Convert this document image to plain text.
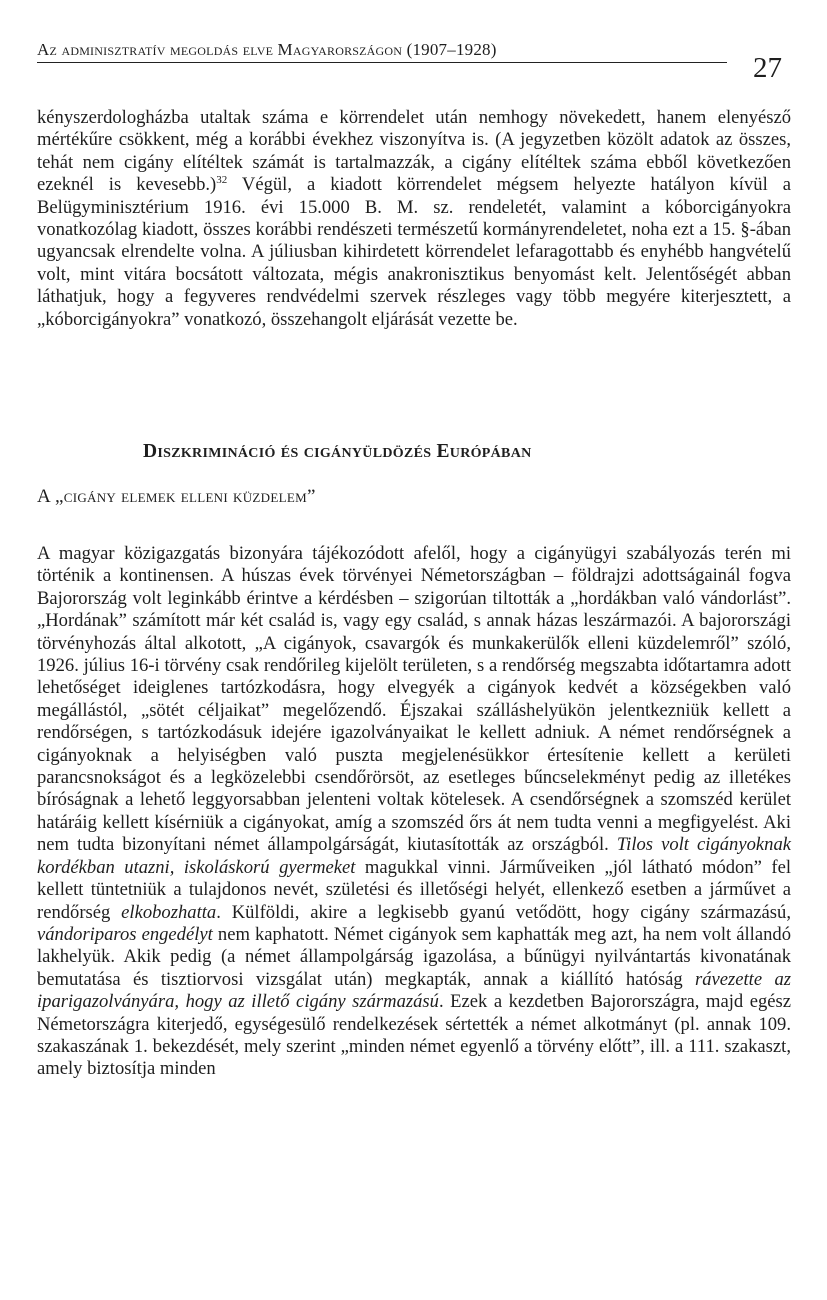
Az adminisztratív megoldás elve Magyarországon (1907–1928)
27

kényszerdologházba utaltak száma e körrendelet után nemhogy növekedett, hanem elenyésző mértékűre csökkent, még a korábbi évekhez viszonyítva is. (A jegyzetben közölt adatok az összes, tehát nem cigány elítéltek számát is tartalmazzák, a cigány elítéltek száma ebből következően ezeknél is kevesebb.)$^{32}$ Végül, a kiadott körrendelet mégsem helyezte hatályon kívül a Belügyminisztérium 1916. évi 15.000 B. M. sz. rendeletét, valamint a kóborcigányokra vonatkozólag kiadott, összes korábbi rendészeti természetű kormányrendeletet, noha ezt a 15. §-ában ugyancsak elrendelte volna. A júliusban kihirdetett körrendelet lefaragottabb és enyhébb hangvételű volt, mint vitára bocsátott változata, mégis anakronisztikus benyomást kelt. Jelentőségét abban láthatjuk, hogy a fegyveres rendvédelmi szervek részleges vagy több megyére kiterjesztett, a „kóborcigányokra” vonatkozó, összehangolt eljárását vezette be.

Diszkrimináció és cigányüldözés Európában
A „cigány elemek elleni küzdelem”

A magyar közigazgatás bizonyára tájékozódott afelől, hogy a cigányügyi szabályozás terén mi történik a kontinensen. A húszas évek törvényei Németországban – földrajzi adottságainál fogva Bajorország volt leginkább érintve a kérdésben – szigorúan tiltották a „hordákban való vándorlást”. „Hordának” számított már két család is, vagy egy család, s annak házas leszármazói. A bajorországi törvényhozás által alkotott, „A cigányok, csavargók és munkakerülők elleni küzdelemről” szóló, 1926. július 16-i törvény csak rendőrileg kijelölt területen, s a rendőrség megszabta időtartamra adott lehetőséget ideiglenes tartózkodásra, hogy elvegyék a cigányok kedvét a községekben való megállástól, „sötét céljaikat” megelőzendő. Éjszakai szálláshelyükön jelentkezniük kellett a rendőrségen, s tartózkodásuk idejére igazolványaikat le kellett adniuk. A német rendőrségnek a cigányoknak a helyiségben való puszta megjelenésükkor értesítenie kellett a kerületi parancsnokságot és a legközelebbi csendőrörsöt, az esetleges bűncselekményt pedig az illetékes bíróságnak a lehető leggyorsabban jelenteni voltak kötelesek. A csendőrségnek a szomszéd kerület határáig kellett kísérniük a cigányokat, amíg a szomszéd őrs át nem tudta venni a megfigyelést. Aki nem tudta bizonyítani német állampolgárságát, kiutasították az országból. Tilos volt cigányoknak kordékban utazni, iskoláskorú gyermeket magukkal vinni. Járműveiken „jól látható módon” fel kellett tüntetniük a tulajdonos nevét, születési és illetőségi helyét, ellenkező esetben a járművet a rendőrség elkobozhatta. Külföldi, akire a legkisebb gyanú vetődött, hogy cigány származású, vándoriparos engedélyt nem kaphatott. Német cigányok sem kaphatták meg azt, ha nem volt állandó lakhelyük. Akik pedig (a német állampolgárság igazolása, a bűnügyi nyilvántartás kivonatának bemutatása és tisztiorvosi vizsgálat után) megkapták, annak a kiállító hatóság rávezette az iparigazolványára, hogy az illető cigány származású. Ezek a kezdetben Bajorországra, majd egész Németországra kiterjedő, egységesülő rendelkezések sértették a német alkotmányt (pl. annak 109. szakaszának 1. bekezdését, mely szerint „minden német egyenlő a törvény előtt”, ill. a 111. szakaszt, amely biztosítja minden
